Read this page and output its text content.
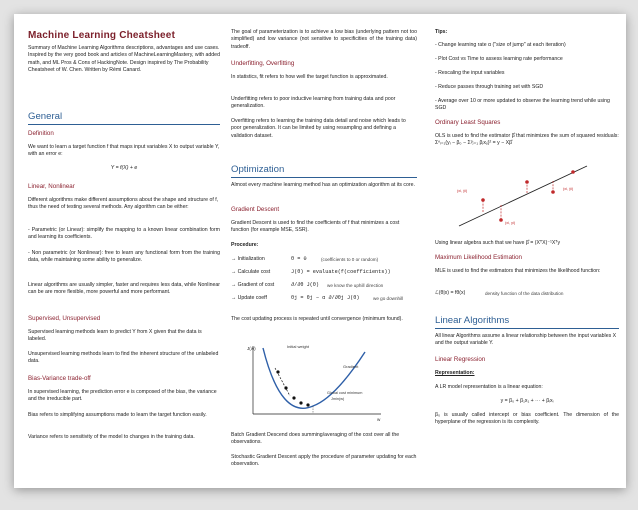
Machine Learning Cheatsheet
Summary of Machine Learning Algorithms descriptions, advantages and use cases. Inspired by the very good book and articles of MachineLearningMastery, with added math, and ML Pros & Cons of HackingNote. Design inspired by The Probability Cheatsheet of W. Chen. Written by Rémi Canard.
General
Definition
We want to learn a target function f that maps input variables X to output variable Y, with an error e:
Y = f(X) + e
Linear, Nonlinear
Different algorithms make different assumptions about the shape and structure of f, thus the need of testing several methods. Any algorithm can be either:
- Parametric (or Linear): simplify the mapping to a known linear combination form and learning its coefficients.
- Non parametric (or Nonlinear): free to learn any functional form from the training data, while maintaining some ability to generalize.
Linear algorithms are usually simpler, faster and requires less data, while Nonlinear can be are more flexible, more powerful and more performant.
Supervised, Unsupervised
Supervised learning methods learn to predict Y from X given that the data is labeled.
Unsupervised learning methods learn to find the inherent structure of the unlabeled data.
Bias-Variance trade-off
In supervised learning, the prediction error e is composed of the bias, the variance and the irreducible part.
Bias refers to simplifying assumptions made to learn the target function easily.
Variance refers to sensitivity of the model to changes in the training data.
The goal of parameterization is to achieve a low bias (underlying pattern not too simplified) and low variance (not sensitive to specificities of the training data) tradeoff.
Underfitting, Overfitting
In statistics, fit refers to how well the target function is approximated.
Underfitting refers to poor inductive learning from training data and poor generalization.
Overfitting refers to learning the training data detail and noise which leads to poor generalization. It can be limited by using resampling and defining a validation dataset.
Optimization
Almost every machine learning method has an optimization algorithm at its core.
Gradient Descent
Gradient Descent is used to find the coefficients of f that minimizes a cost function (for example MSE, SSR).
Procedure:
→ Initialization	θ = 0	(coefficients to 0 or random)
→ Calculate cost	J(θ) = evaluate(f(coefficients))
→ Gradient of cost	∂/∂θ J(θ) we know the uphill direction
→ Update coeff	θj = θj − α ∂/∂θj J(θ)	we go downhill
The cost updating process is repeated until convergence (minimum found).
J(w)	Initial weight
Gradient
Global cost minimum
Jmin(w)
w
Batch Gradient Descend does summing/averaging of the cost over all the observations.
Stochastic Gradient Descent apply the procedure of parameter updating for each observation.
Tips:
- Change learning rate α ("size of jump" at each iteration)
- Plot Cost vs Time to assess learning rate performance
- Rescaling the input variables
- Reduce passes through training set with SGD
- Average over 10 or more updated to observe the learning trend while using SGD
Ordinary Least Squares
OLS is used to find the estimator β̂ that minimizes the sum of squared residuals: Σⁿᵢ₌₁(yᵢ − β₀ − Σᵖⱼ₌₁ βⱼxᵢⱼ)² = y − Xβ̂
(xi, ŷi)
(xi, yi)
(xi, ŷi)
Using linear algebra such that we have β̂ = (XᵀX)⁻¹Xᵀy
Maximum Likelihood Estimation
MLE is used to find the estimators that minimizes the likelihood function:
ℒ(θ|x) = fθ(x)	density function of the data distribution
Linear Algorithms
All linear Algorithms assume a linear relationship between the input variables X and the output variable Y.
Linear Regression
Representation:
A LR model representation is a linear equation:
y = β₀ + β₁x₁ + ⋯ + βᵢxᵢ
β₀ is usually called intercept or bias coefficient. The dimension of the hyperplane of the regression is its complexity.
